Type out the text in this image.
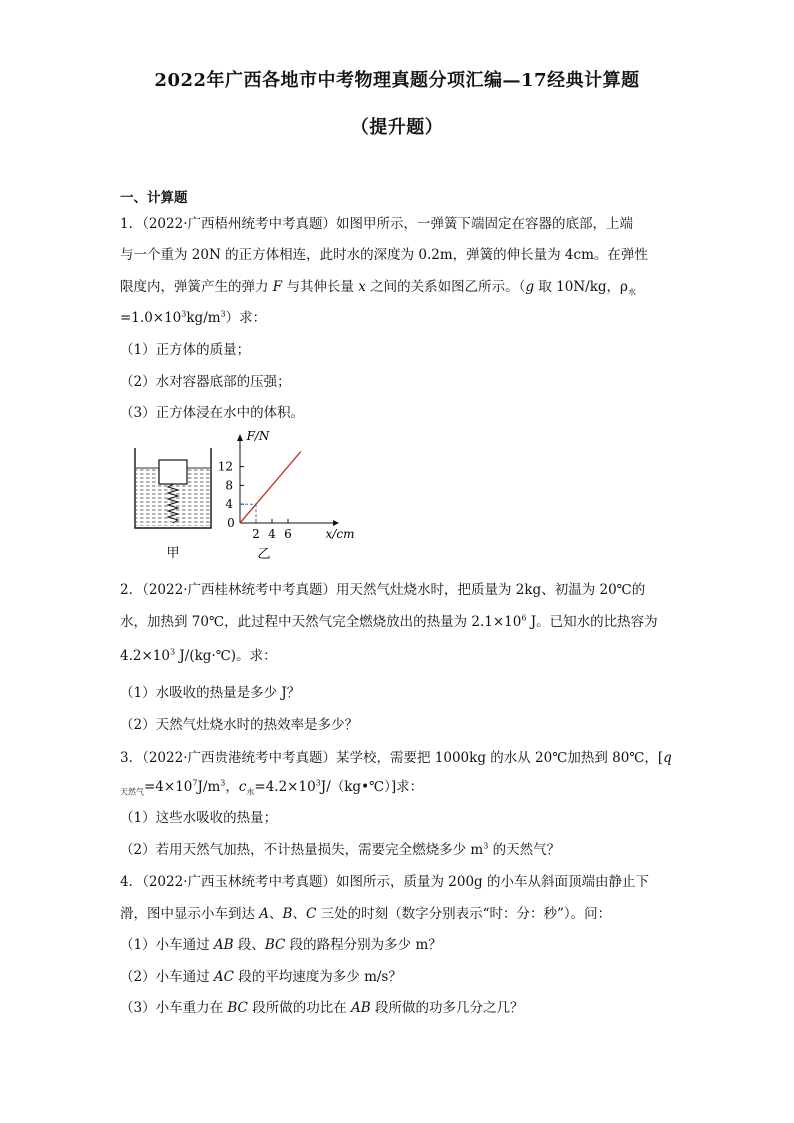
2022年广西各地市中考物理真题分项汇编—17经典计算题
（提升题）
一、计算题
1．（2022·广西梧州统考中考真题）如图甲所示，一弹簧下端固定在容器的底部，上端
与一个重为 20N 的正方体相连，此时水的深度为 0.2m，弹簧的伸长量为 4cm。在弹性
限度内，弹簧产生的弹力 F 与其伸长量 x 之间的关系如图乙所示。（g 取 10N/kg，$\rho_水$
$=1.0\times 10^3kg/m^3$）求：
（1）正方体的质量；
（2）水对容器底部的压强；
（3）正方体浸在水中的体积。
甲
0
4
8
12
2 4 6	x/cm
F/N
乙
2．（2022·广西桂林统考中考真题）用天然气灶烧水时，把质量为 2kg、初温为 20℃的
水，加热到 70℃，此过程中天然气完全燃烧放出的热量为 $2.1\times 10^6$ J。已知水的比热容为
$4.2\times 10^3$ J/(kg·℃)。求：
（1）水吸收的热量是多少 J？
（2）天然气灶烧水时的热效率是多少？
3．（2022·广西贵港统考中考真题）某学校，需要把 1000kg 的水从 20℃加热到 80℃，[q
$_{天然气}=4\times 10^7J/m^3$，$c_水=4.2\times 10^3J/(kg•℃)$]求：
（1）这些水吸收的热量；
（2）若用天然气加热，不计热量损失，需要完全燃烧多少 $m^3$ 的天然气？
4．（2022·广西玉林统考中考真题）如图所示，质量为 200g 的小车从斜面顶端由静止下
滑，图中显示小车到达 A、B、C 三处的时刻（数字分别表示“时：分：秒”）。问：
（1）小车通过 AB 段、BC 段的路程分别为多少 m？
（2）小车通过 AC 段的平均速度为多少 m/s？
（3）小车重力在 BC 段所做的功比在 AB 段所做的功多几分之几？
